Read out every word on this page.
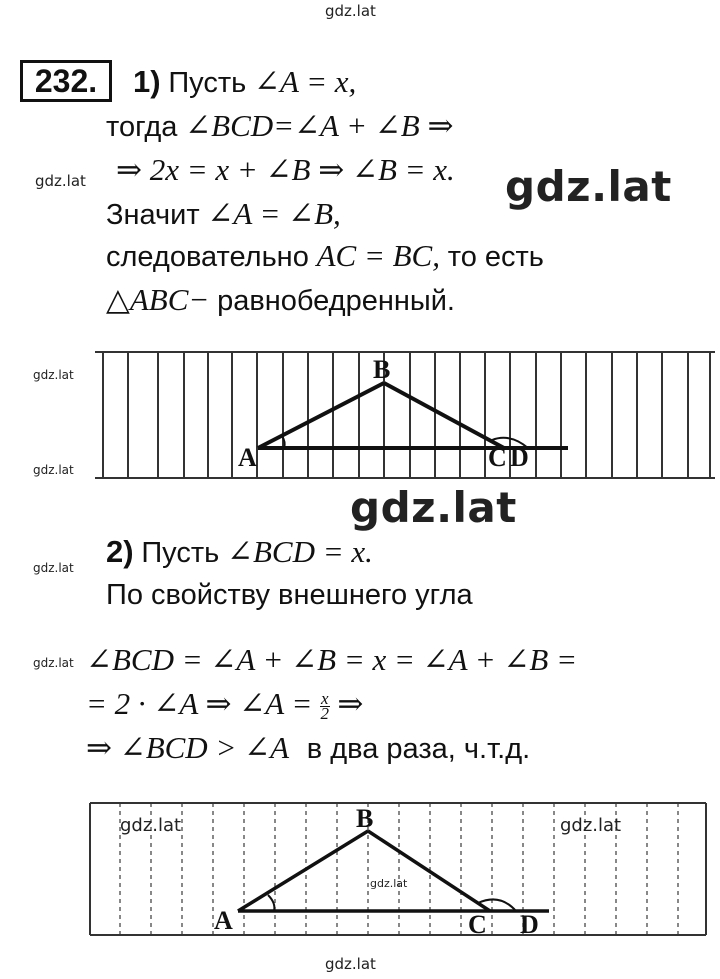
gdz.lat
gdz.lat	gdz.lat
gdz.lat
gdz.lat
gdz.lat
gdz.lat
gdz.lat
gdz.lat
232.	1) Пусть ∠A = x,
тогда ∠BCD=∠A + ∠B ⇒
⇒ 2x = x + ∠B ⇒ ∠B = x.
Значит ∠A = ∠B,
следовательно AC = BC, то есть
△ABC− равнобедренный.
A
B
C D
2) Пусть ∠BCD = x.
По свойству внешнего угла
∠BCD = ∠A + ∠B = x = ∠A + ∠B =
= 2 · ∠A ⇒ ∠A = $\frac{x}{2}$ ⇒
⇒ ∠BCD > ∠A в два раза, ч.т.д.
A
B
C D
gdz.lat
gdz.lat
gdz.lat
